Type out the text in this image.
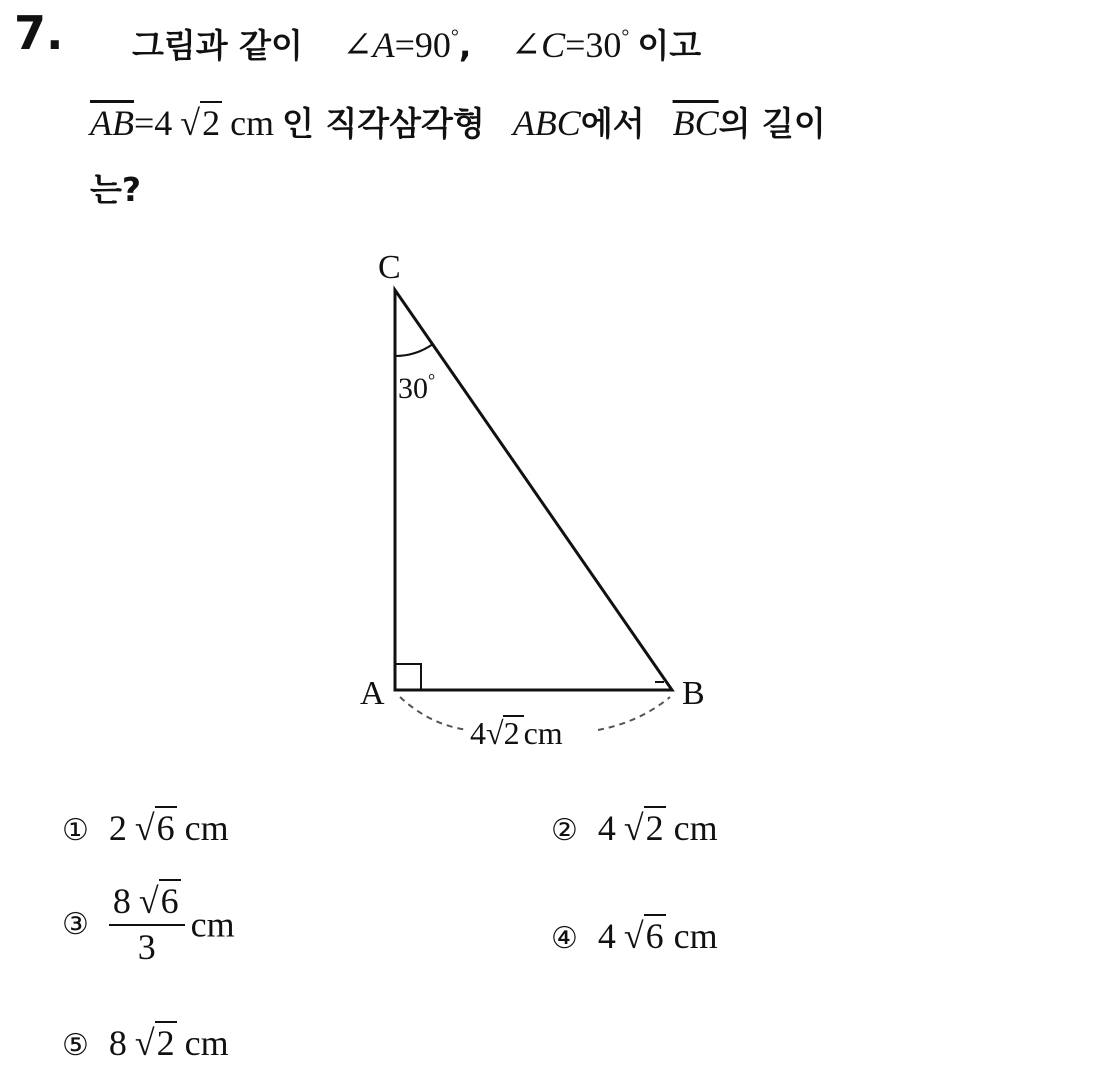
7. 그림과 같이 ∠A=90°, ∠C=30° 이고
$\overline{AB}=4$ √2 cm 인 직각삼각형 ABC에서 $\overline{BC}$의 길이
는?
C
A	B
30°
4√2 cm
① 2 √6 cm	② 4 √2 cm
③ $\frac{8 √6}{3}$ cm	④ 4 √6 cm
⑤ 8 √2 cm
